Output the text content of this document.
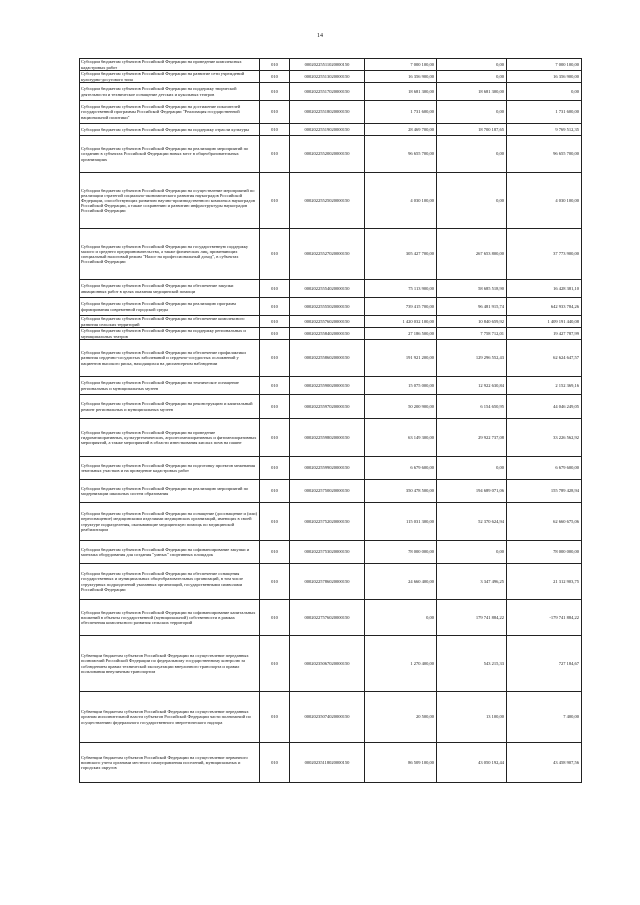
14
Субсидии бюджетам субъектов Российской Федерации на проведение комплексных кадастровых работ	010	00020225511020000150	7 000 100,00	0,00	7 000 100,00
Субсидии бюджетам субъектов Российской Федерации на развитие сети учреждений культурно-досугового типа	010	00020225513020000150	16 356 900,00	0,00	16 356 900,00
Субсидии бюджетам субъектов Российской Федерации на поддержку творческой деятельности и техническое оснащение детских и кукольных театров	010	00020225517020000150	18 681 300,00	18 681 300,00	0,00
Субсидии бюджетам субъектов Российской Федерации на достижение показателей государственной программы Российской Федерации "Реализация государственной национальной политики"	010	00020225518020000150	1 731 600,00	0,00	1 731 600,00
Субсидии бюджетам субъектов Российской Федерации на поддержку отрасли культуры	010	00020225519020000150	28 469 700,00	18 700 187,65	9 769 512,35
Субсидии бюджетам субъектов Российской Федерации на реализацию мероприятий по созданию в субъектах Российской Федерации новых мест в общеобразовательных организациях	010	00020225520020000150	96 655 700,00	0,00	96 655 700,00
Субсидии бюджетам субъектов Российской Федерации на осуществление мероприятий по реализации стратегий социально-экономического развития наукоградов Российской Федерации, способствующих развитию научно-производственного комплекса наукоградов Российской Федерации, а также сохранению и развитию инфраструктуры наукоградов Российской Федерации	010	00020225525020000150	4 030 100,00	0,00	4 030 100,00
Субсидии бюджетам субъектов Российской Федерации на государственную поддержку малого и среднего предпринимательства, а также физических лиц, применяющих специальный налоговый режим "Налог на профессиональный доход", в субъектах Российской Федерации	010	00020225527020000150	305 427 700,00	267 653 800,00	37 773 900,00
Субсидии бюджетам субъектов Российской Федерации на обеспечение закупки авиационных работ в целях оказания медицинской помощи	010	00020225554020000150	75 113 900,00	58 685 518,90	16 428 381,10
Субсидии бюджетам субъектов Российской Федерации на реализацию программ формирования современной городской среды	010	00020225555020000150	739 415 700,00	96 481 915,74	642 933 784,26
Субсидии бюджетам субъектов Российской Федерации на обеспечение комплексного развития сельских территорий	010	00020225576020000150	1 420 032 100,00	10 840 659,92	1 409 191 440,08
Субсидии бюджетам субъектов Российской Федерации на поддержку региональных и муниципальных театров	010	00020225584020000150	27 186 500,00	7 758 712,01	19 427 787,99
Субсидии бюджетам субъектов Российской Федерации на обеспечение профилактики развития сердечно-сосудистых заболеваний и сердечно-сосудистых осложнений у пациентов высокого риска, находящихся на диспансерном наблюдении	010	00020225586020000150	191 921 200,00	129 296 552,43	62 624 647,57
Субсидии бюджетам субъектов Российской Федерации на техническое оснащение региональных и муниципальных музеев	010	00020225590020000150	15 075 000,00	12 922 630,84	2 152 369,16
Субсидии бюджетам субъектов Российской Федерации на реконструкцию и капитальный ремонт региональных и муниципальных музеев	010	00020225597020000150	50 200 900,00	6 154 650,95	44 046 249,05
Субсидии бюджетам субъектов Российской Федерации на проведение гидромелиоративных, культуртехнических, агролесомелиоративных и фитомелиоративных мероприятий, а также мероприятий в области известкования кислых почв на пашне	010	00020225598020000150	63 149 300,00	29 922 737,08	33 226 562,92
Субсидии бюджетам субъектов Российской Федерации на подготовку проектов межевания земельных участков и на проведение кадастровых работ	010	00020225599020000150	6 679 600,00	0,00	6 679 600,00
Субсидии бюджетам субъектов Российской Федерации на реализацию мероприятий по модернизации школьных систем образования	010	00020225750020000150	350 478 500,00	194 689 071,06	155 789 428,94
Субсидии бюджетам субъектов Российской Федерации на оснащение (дооснащение и (или) переоснащение) медицинскими изделиями медицинских организаций, имеющих в своей структуре подразделения, оказывающие медицинскую помощь по медицинской реабилитации	010	00020225752020000150	115 031 300,00	52 370 624,94	62 660 675,06
Субсидии бюджетам субъектов Российской Федерации на софинансирование закупки и монтажа оборудования для создания "умных" спортивных площадок	010	00020225753020000150	78 000 000,00	0,00	78 000 000,00
Субсидии бюджетам субъектов Российской Федерации на обеспечение оснащения государственных и муниципальных общеобразовательных организаций, в том числе структурных подразделений указанных организаций, государственными символами Российской Федерации	010	00020225786020000150	24 660 400,00	3 347 496,25	21 312 903,75
Субсидии бюджетам субъектов Российской Федерации на софинансирование капитальных вложений в объекты государственной (муниципальной) собственности в рамках обеспечения комплексного развития сельских территорий	010	00020227576020000150	0,00	179 741 884,22	-179 741 884,22
Субвенции бюджетам субъектов Российской Федерации на осуществление переданных полномочий Российской Федерации по федеральному государственному контролю за соблюдением правил технической эксплуатации внеуличного транспорта и правил пользования внеуличным транспортом	010	00020235067020000150	1 270 400,00	543 215,33	727 184,67
Субвенции бюджетам субъектов Российской Федерации на осуществление переданных органам исполнительной власти субъектов Российской Федерации части полномочий по осуществлению федерального государственного энергетического надзора	010	00020235074020000150	20 500,00	13 100,00	7 400,00
Субвенции бюджетам субъектов Российской Федерации на осуществление первичного воинского учета органами местного самоуправления поселений, муниципальных и городских округов	010	00020235118020000150	86 509 100,00	43 050 192,44	43 458 907,56
